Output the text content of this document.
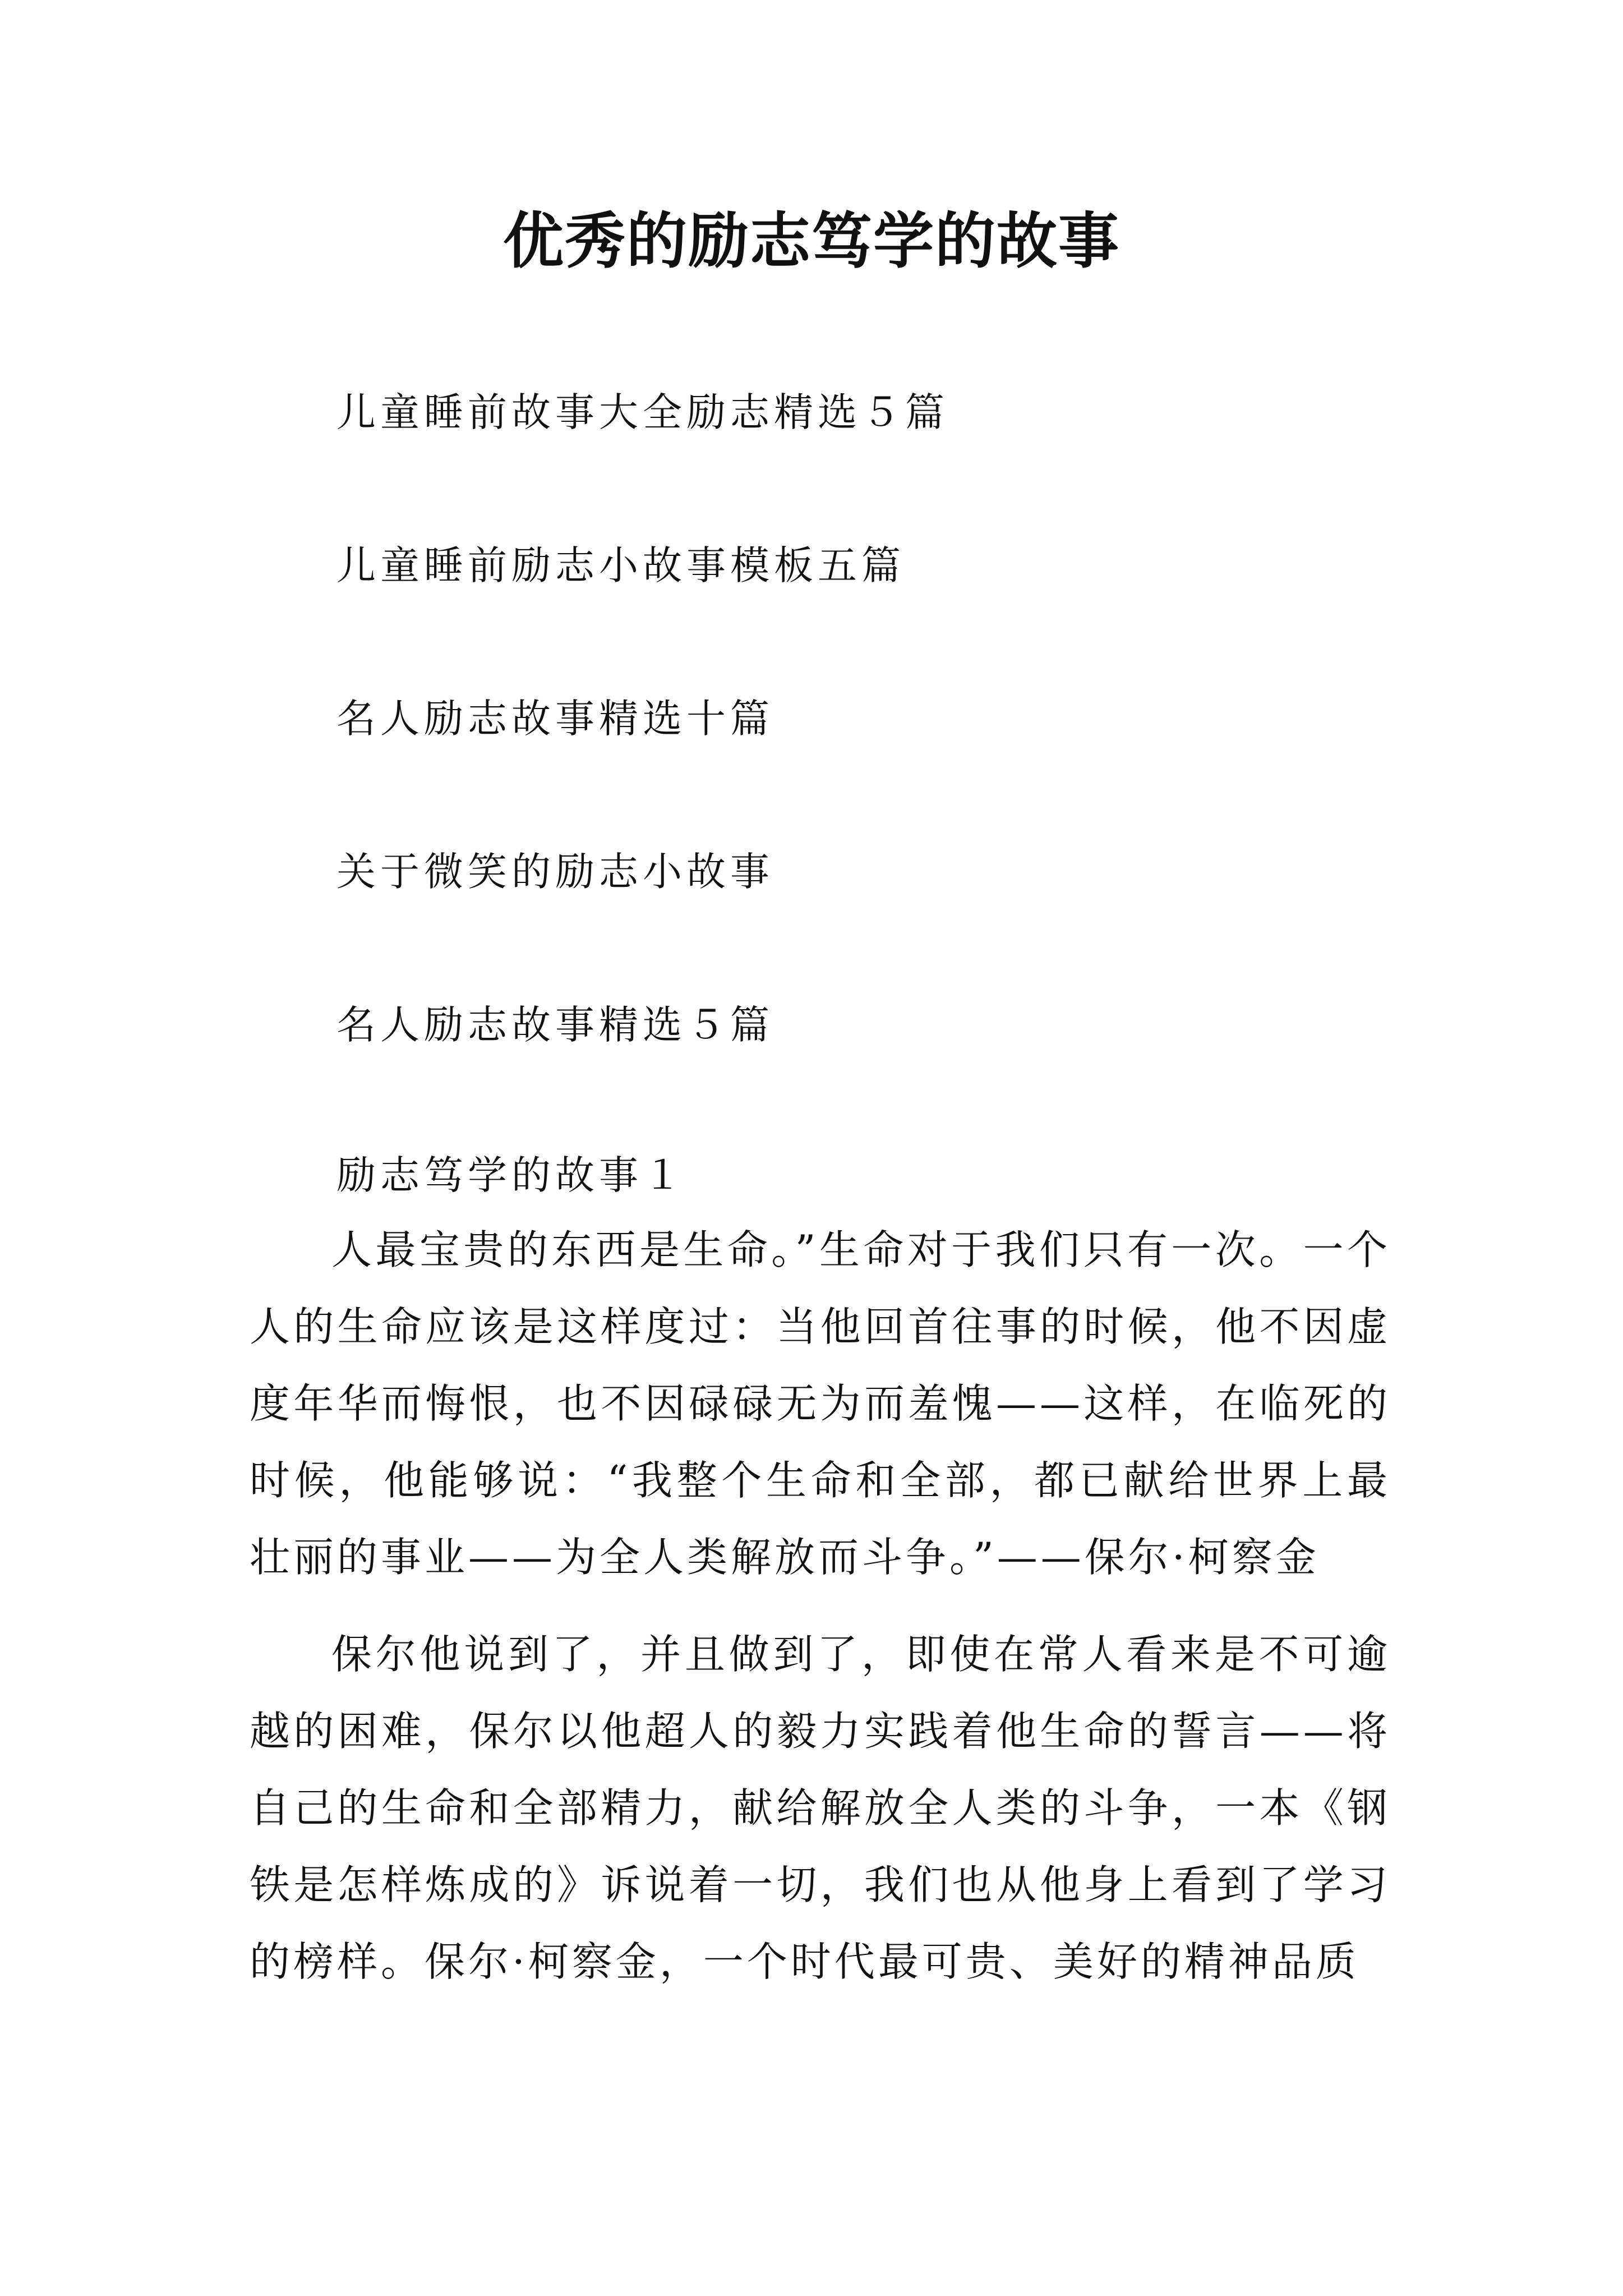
优秀的励志笃学的故事
儿童睡前故事大全励志精选５篇
儿童睡前励志小故事模板五篇
名人励志故事精选十篇
关于微笑的励志小故事
名人励志故事精选５篇
励志笃学的故事１

人最宝贵的东西是生命。”生命对于我们只有一次。一个人的生命应该是这样度过：当他回首往事的时候，他不因虚度年华而悔恨，也不因碌碌无为而羞愧——这样，在临死的时候，他能够说：“我整个生命和全部，都已献给世界上最壮丽的事业——为全人类解放而斗争。”——保尔·柯察金

保尔他说到了，并且做到了，即使在常人看来是不可逾越的困难，保尔以他超人的毅力实践着他生命的誓言——将自己的生命和全部精力，献给解放全人类的斗争，一本《钢铁是怎样炼成的》诉说着一切，我们也从他身上看到了学习的榜样。保尔·柯察金，一个时代最可贵、美好的精神品质
